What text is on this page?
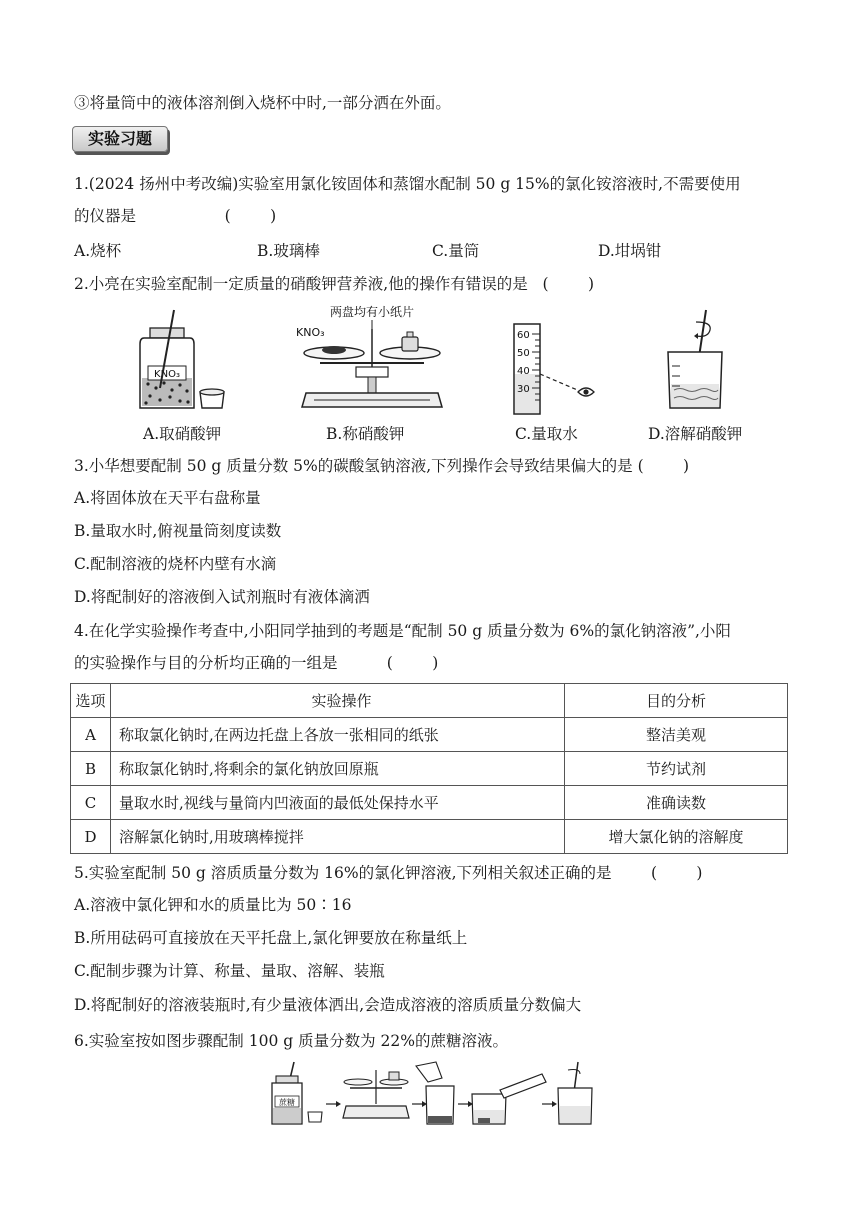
③将量筒中的液体溶剂倒入烧杯中时,一部分洒在外面。
实验习题
1.(2024 扬州中考改编)实验室用氯化铵固体和蒸馏水配制 50 g 15%的氯化铵溶液时,不需要使用
的仪器是                  (        )
A.烧杯	B.玻璃棒	C.量筒	D.坩埚钳
2.小亮在实验室配制一定质量的硝酸钾营养液,他的操作有错误的是   (        )
KNO₃
A.取硝酸钾
两盘均有小纸片
KNO₃
B.称硝酸钾
60
50
40
30
C.量取水	D.溶解硝酸钾
3.小华想要配制 50 g 质量分数 5%的碳酸氢钠溶液,下列操作会导致结果偏大的是 (        )
A.将固体放在天平右盘称量
B.量取水时,俯视量筒刻度读数
C.配制溶液的烧杯内壁有水滴
D.将配制好的溶液倒入试剂瓶时有液体滴洒
4.在化学实验操作考查中,小阳同学抽到的考题是“配制 50 g 质量分数为 6%的氯化钠溶液”,小阳
的实验操作与目的分析均正确的一组是          (        )
选项	实验操作	目的分析
A	称取氯化钠时,在两边托盘上各放一张相同的纸张	整洁美观
B	称取氯化钠时,将剩余的氯化钠放回原瓶	节约试剂
C	量取水时,视线与量筒内凹液面的最低处保持水平	准确读数
D	溶解氯化钠时,用玻璃棒搅拌	增大氯化钠的溶解度
5.实验室配制 50 g 溶质质量分数为 16%的氯化钾溶液,下列相关叙述正确的是        (        )
A.溶液中氯化钾和水的质量比为 50∶16
B.所用砝码可直接放在天平托盘上,氯化钾要放在称量纸上
C.配制步骤为计算、称量、量取、溶解、装瓶
D.将配制好的溶液装瓶时,有少量液体洒出,会造成溶液的溶质质量分数偏大
6.实验室按如图步骤配制 100 g 质量分数为 22%的蔗糖溶液。
蔗糖
